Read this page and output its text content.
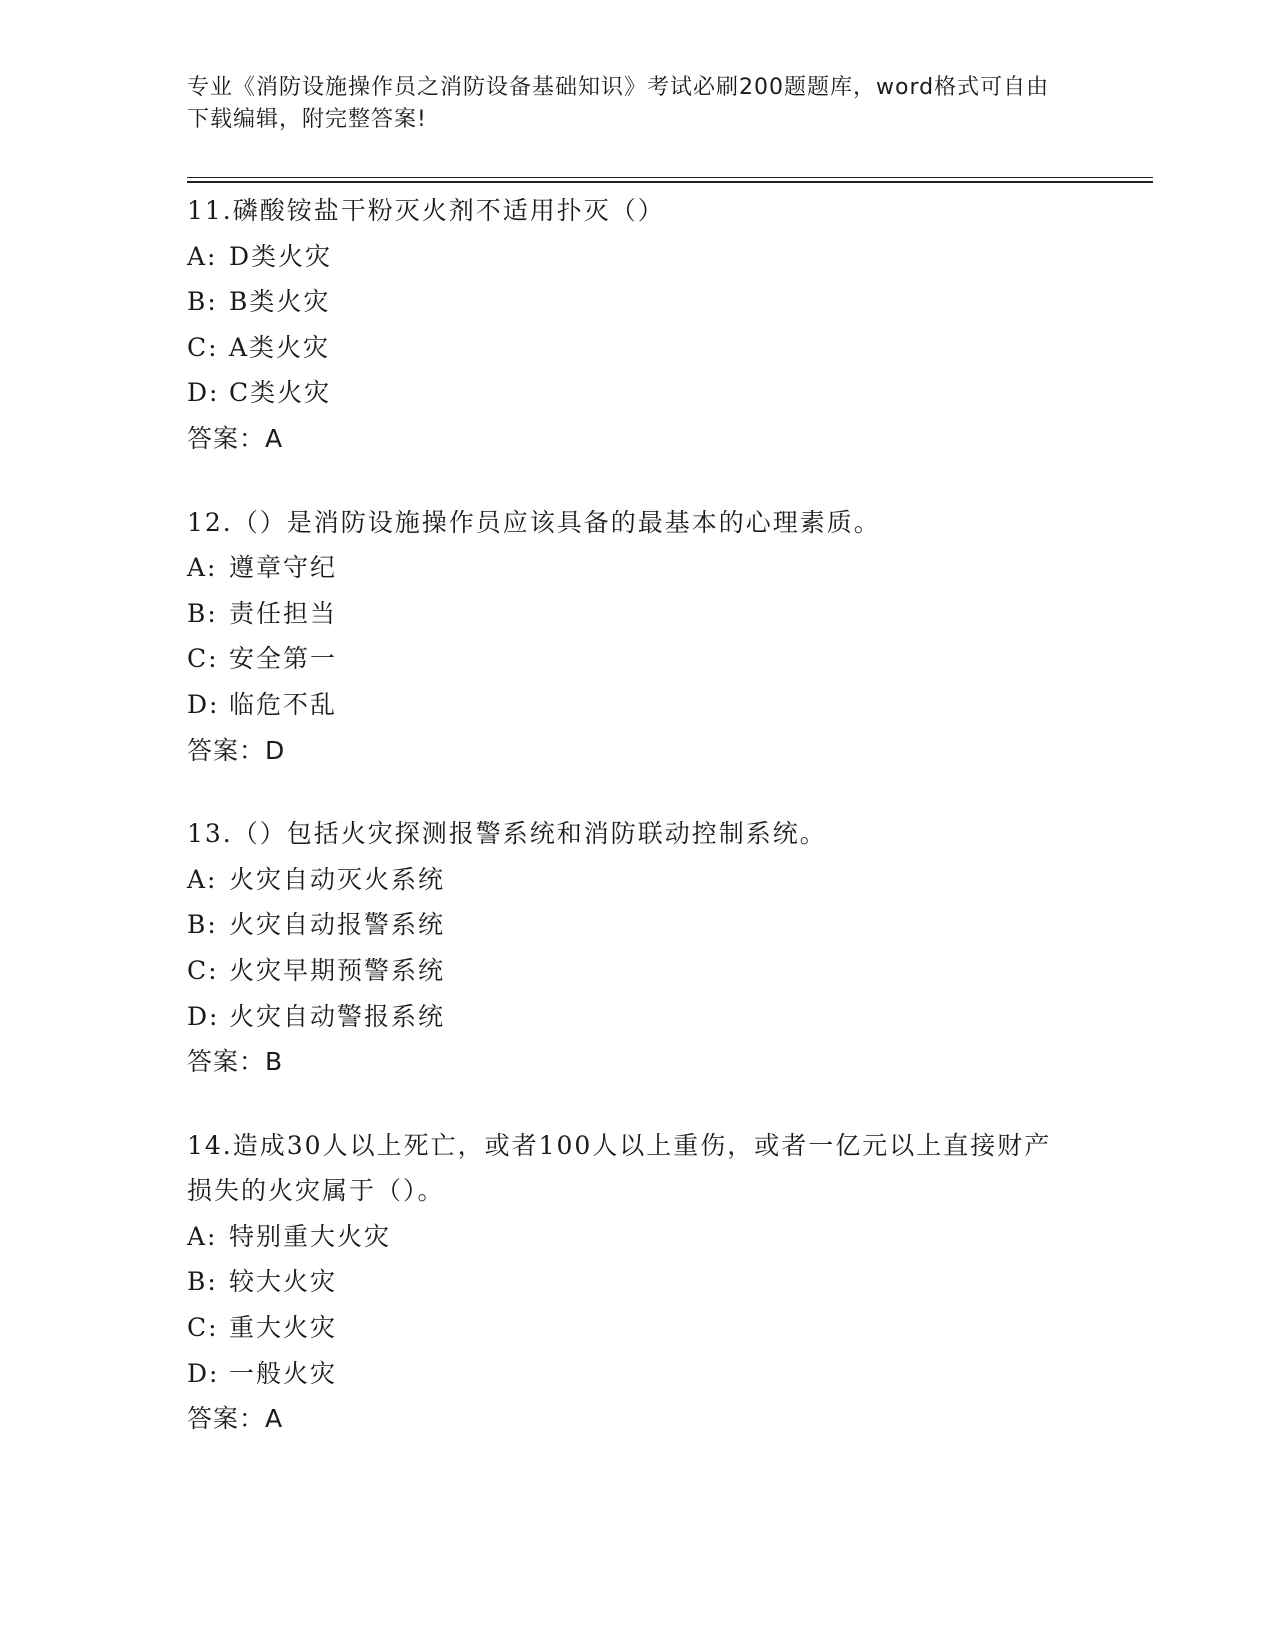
专业《消防设施操作员之消防设备基础知识》考试必刷200题题库，word格式可自由下载编辑，附完整答案!
11.磷酸铵盐干粉灭火剂不适用扑灭（）
A: D类火灾
B: B类火灾
C: A类火灾
D: C类火灾
答案：A
12.（）是消防设施操作员应该具备的最基本的心理素质。
A: 遵章守纪
B: 责任担当
C: 安全第一
D: 临危不乱
答案：D
13.（）包括火灾探测报警系统和消防联动控制系统。
A: 火灾自动灭火系统
B: 火灾自动报警系统
C: 火灾早期预警系统
D: 火灾自动警报系统
答案：B
14.造成30人以上死亡，或者100人以上重伤，或者一亿元以上直接财产损失的火灾属于（）。
A: 特别重大火灾
B: 较大火灾
C: 重大火灾
D: 一般火灾
答案：A
